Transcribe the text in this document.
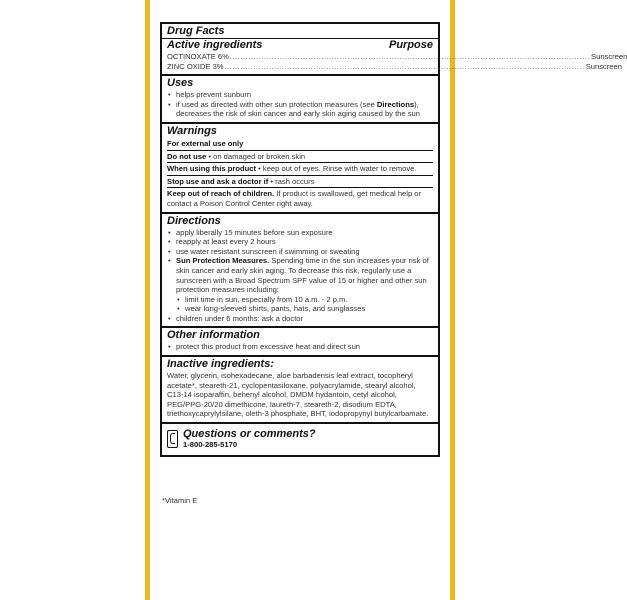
Drug Facts
Active ingredients	Purpose
OCTINOXATE 6% .......................................................................................................................................... Sunscreen
ZINC OXIDE 3% .......................................................................................................................................... Sunscreen
Uses
• helps prevent sunburn
• if used as directed with other sun protection measures (see Directions), decreases the risk of skin cancer and early skin aging caused by the sun
Warnings
For external use only
Do not use • on damaged or broken skin
When using this product • keep out of eyes. Rinse with water to remove.
Stop use and ask a doctor if • rash occurs
Keep out of reach of children. If product is swallowed, get medical help or contact a Poison Control Center right away.
Directions
• apply liberally 15 minutes before sun exposure
• reapply at least every 2 hours
• use water resistant sunscreen if swimming or sweating
• Sun Protection Measures. Spending time in the sun increases your risk of skin cancer and early skin aging. To decrease this risk, regularly use a sunscreen with a Broad Spectrum SPF value of 15 or higher and other sun protection measures including:
• limit time in sun, especially from 10 a.m. - 2 p.m.
• wear long-sleeved shirts, pants, hats, and sunglasses
• children under 6 months: ask a doctor
Other information
• protect this product from excessive heat and direct sun
Inactive ingredients:
Water, glycerin, isohexadecane, aloe barbadensis leaf extract, tocopheryl acetate*, steareth-21, cyclopentasiloxane, polyacrylamide, stearyl alcohol, C13-14 isoparaffin, behenyl alcohol, DMDM hydantoin, cetyl alcohol, PEG/PPG-20/20 dimethicone, laureth-7, steareth-2, disodium EDTA, triethoxycaprylylsilane, oleth-3 phosphate, BHT, iodopropynyl butylcarbamate.
Questions or comments?
1-800-285-5170
*Vitamin E
